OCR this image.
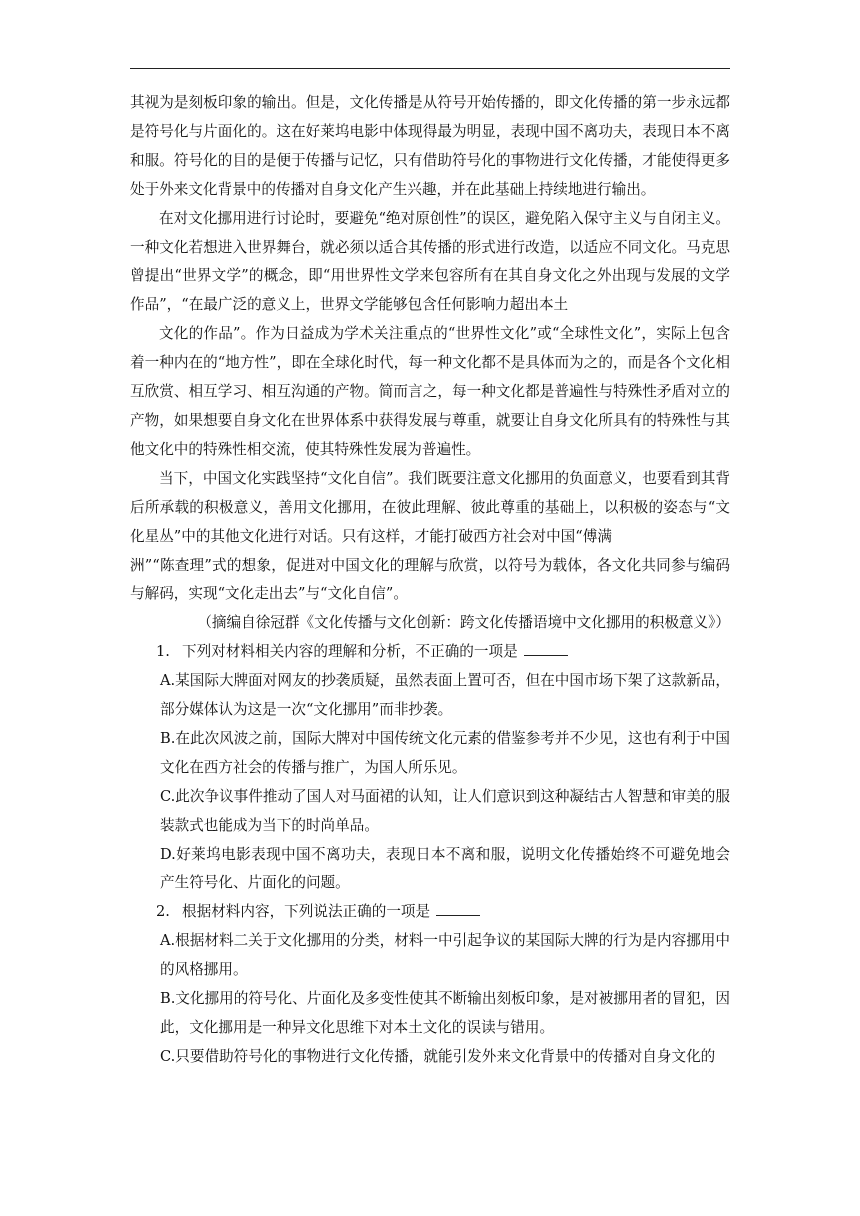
其视为是刻板印象的输出。但是，文化传播是从符号开始传播的，即文化传播的第一步永远都是符号化与片面化的。这在好莱坞电影中体现得最为明显，表现中国不离功夫，表现日本不离和服。符号化的目的是便于传播与记忆，只有借助符号化的事物进行文化传播，才能使得更多处于外来文化背景中的传播对自身文化产生兴趣，并在此基础上持续地进行输出。

在对文化挪用进行讨论时，要避免“绝对原创性”的误区，避免陷入保守主义与自闭主义。一种文化若想进入世界舞台，就必须以适合其传播的形式进行改造，以适应不同文化。马克思曾提出“世界文学”的概念，即“用世界性文学来包容所有在其自身文化之外出现与发展的文学作品”，“在最广泛的意义上，世界文学能够包含任何影响力超出本土

文化的作品”。作为日益成为学术关注重点的“世界性文化”或“全球性文化”，实际上包含着一种内在的“地方性”，即在全球化时代，每一种文化都不是具体而为之的，而是各个文化相互欣赏、相互学习、相互沟通的产物。简而言之，每一种文化都是普遍性与特殊性矛盾对立的产物，如果想要自身文化在世界体系中获得发展与尊重，就要让自身文化所具有的特殊性与其他文化中的特殊性相交流，使其特殊性发展为普遍性。

当下，中国文化实践坚持“文化自信”。我们既要注意文化挪用的负面意义，也要看到其背后所承载的积极意义，善用文化挪用，在彼此理解、彼此尊重的基础上，以积极的姿态与“文化星丛”中的其他文化进行对话。只有这样，才能打破西方社会对中国“傅满

洲”“陈查理”式的想象，促进对中国文化的理解与欣赏，以符号为载体，各文化共同参与编码与解码，实现“文化走出去”与“文化自信”。

（摘编自徐冠群《文化传播与文化创新：跨文化传播语境中文化挪用的积极意义》）

1. 下列对材料相关内容的理解和分析，不正确的一项是

A.某国际大牌面对网友的抄袭质疑，虽然表面上置可否，但在中国市场下架了这款新品，部分媒体认为这是一次“文化挪用”而非抄袭。

B.在此次风波之前，国际大牌对中国传统文化元素的借鉴参考并不少见，这也有利于中国文化在西方社会的传播与推广，为国人所乐见。

C.此次争议事件推动了国人对马面裙的认知，让人们意识到这种凝结古人智慧和审美的服装款式也能成为当下的时尚单品。

D.好莱坞电影表现中国不离功夫，表现日本不离和服，说明文化传播始终不可避免地会产生符号化、片面化的问题。

2. 根据材料内容，下列说法正确的一项是

A.根据材料二关于文化挪用的分类，材料一中引起争议的某国际大牌的行为是内容挪用中的风格挪用。

B.文化挪用的符号化、片面化及多变性使其不断输出刻板印象，是对被挪用者的冒犯，因此，文化挪用是一种异文化思维下对本土文化的误读与错用。

C.只要借助符号化的事物进行文化传播，就能引发外来文化背景中的传播对自身文化的
